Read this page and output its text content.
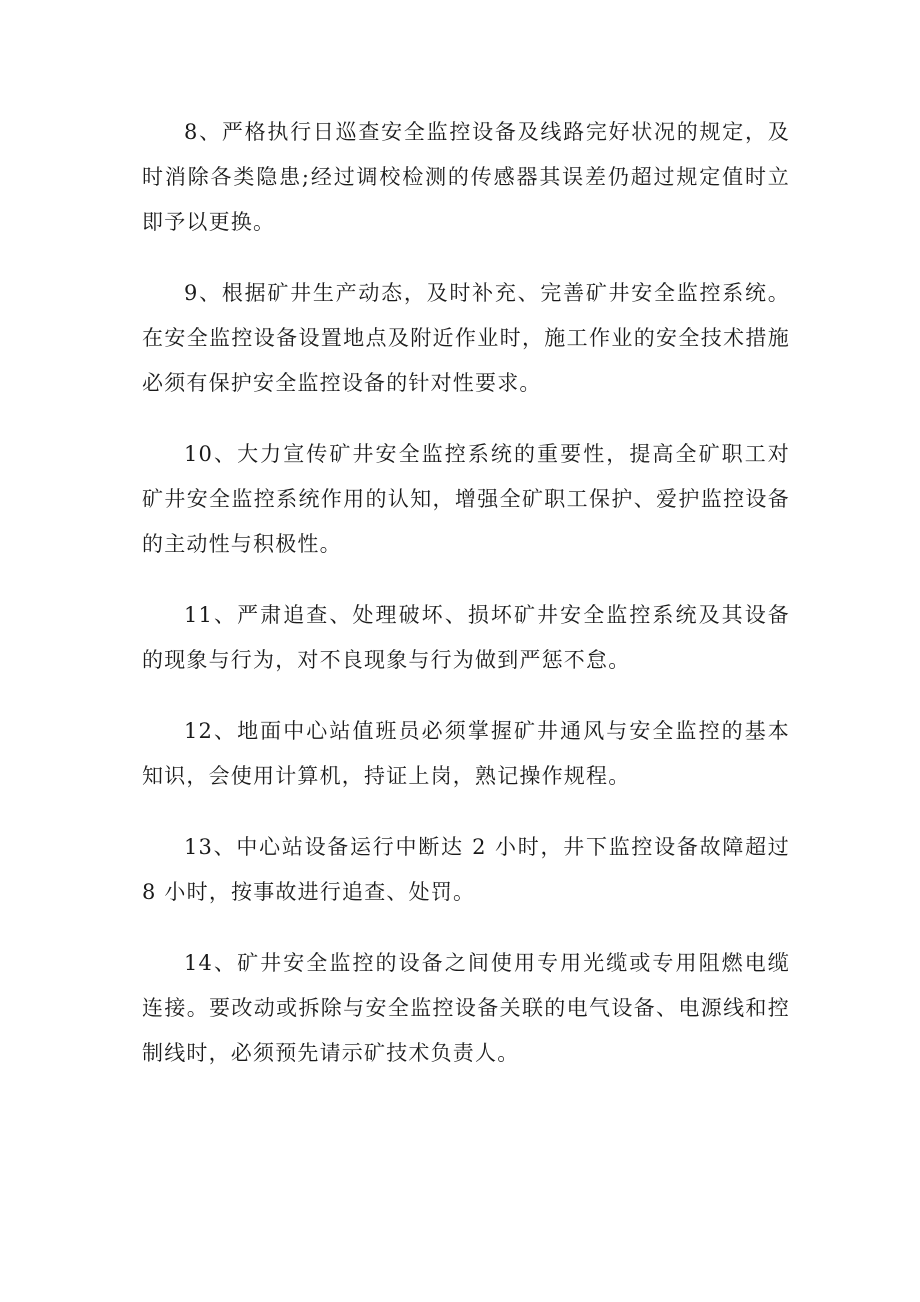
8、严格执行日巡查安全监控设备及线路完好状况的规定，及时消除各类隐患;经过调校检测的传感器其误差仍超过规定值时立即予以更换。

9、根据矿井生产动态，及时补充、完善矿井安全监控系统。在安全监控设备设置地点及附近作业时，施工作业的安全技术措施必须有保护安全监控设备的针对性要求。

10、大力宣传矿井安全监控系统的重要性，提高全矿职工对矿井安全监控系统作用的认知，增强全矿职工保护、爱护监控设备的主动性与积极性。

11、严肃追查、处理破坏、损坏矿井安全监控系统及其设备的现象与行为，对不良现象与行为做到严惩不怠。

12、地面中心站值班员必须掌握矿井通风与安全监控的基本知识，会使用计算机，持证上岗，熟记操作规程。

13、中心站设备运行中断达 2 小时，井下监控设备故障超过 8 小时，按事故进行追查、处罚。

14、矿井安全监控的设备之间使用专用光缆或专用阻燃电缆连接。要改动或拆除与安全监控设备关联的电气设备、电源线和控制线时，必须预先请示矿技术负责人。
